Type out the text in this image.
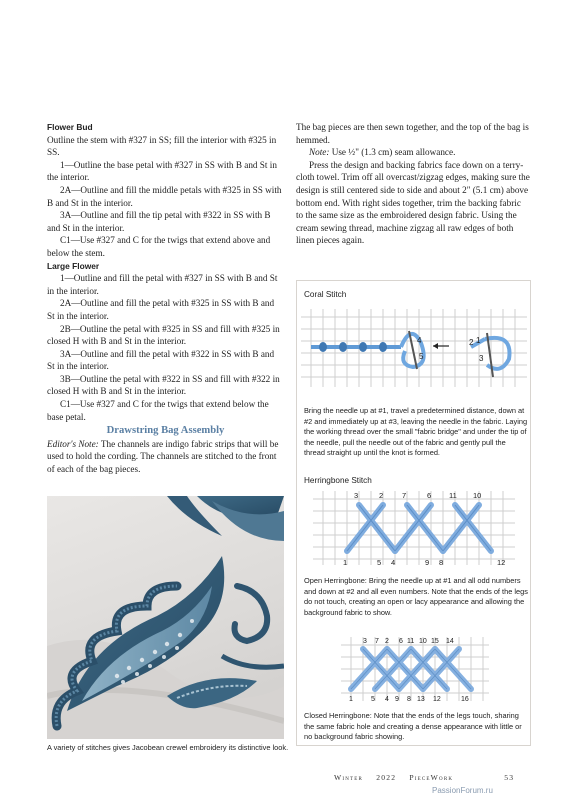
Flower Bud

Outline the stem with #327 in SS; fill the interior with #325 in SS.

1—Outline the base petal with #327 in SS with B and St in the interior.

2A—Outline and fill the middle petals with #325 in SS with B and St in the interior.

3A—Outline and fill the tip petal with #322 in SS with B and St in the interior.

C1—Use #327 and C for the twigs that extend above and below the stem.

Large Flower

1—Outline and fill the petal with #327 in SS with B and St in the interior.

2A—Outline and fill the petal with #325 in SS with B and St in the interior.

2B—Outline the petal with #325 in SS and fill with #325 in closed H with B and St in the interior.

3A—Outline and fill the petal with #322 in SS with B and St in the interior.

3B—Outline the petal with #322 in SS and fill with #322 in closed H with B and St in the interior.

C1—Use #327 and C for the twigs that extend below the base petal.

Drawstring Bag Assembly

Editor's Note: The channels are indigo fabric strips that will be used to hold the cording. The channels are stitched to the front of each of the bag pieces.

A variety of stitches gives Jacobean crewel embroidery its distinctive look.

The bag pieces are then sewn together, and the top of the bag is hemmed.

Note: Use ½" (1.3 cm) seam allowance.

Press the design and backing fabrics face down on a terry-cloth towel. Trim off all overcast/zigzag edges, making sure the design is still centered side to side and about 2" (5.1 cm) above bottom end. With right sides together, trim the backing fabric to the same size as the embroidered design fabric. Using the cream sewing thread, machine zigzag all raw edges of both linen pieces again.

Coral Stitch
1
2
3
4
5
Bring the needle up at #1, travel a predetermined distance, down at #2 and immediately up at #3, leaving the needle in the fabric. Laying the working thread over the small "fabric bridge" and under the tip of the needle, pull the needle out of the fabric and gently pull the thread straight up until the knot is formed.
Herringbone Stitch
3	2	7	6 11 10
1	5 4	9 8	12
Open Herringbone: Bring the needle up at #1 and all odd numbers and down at #2 and all even numbers. Note that the ends of the legs do not touch, creating an open or lacy appearance and allowing the background fabric to show.
3 7 2 6 11 10 15 14
1	5 4 9 8 13 12	16
Closed Herringbone: Note that the ends of the legs touch, sharing the same fabric hole and creating a dense appearance with little or no background fabric showing.
Winter 2022 PieceWork	53
PassionForum.ru
